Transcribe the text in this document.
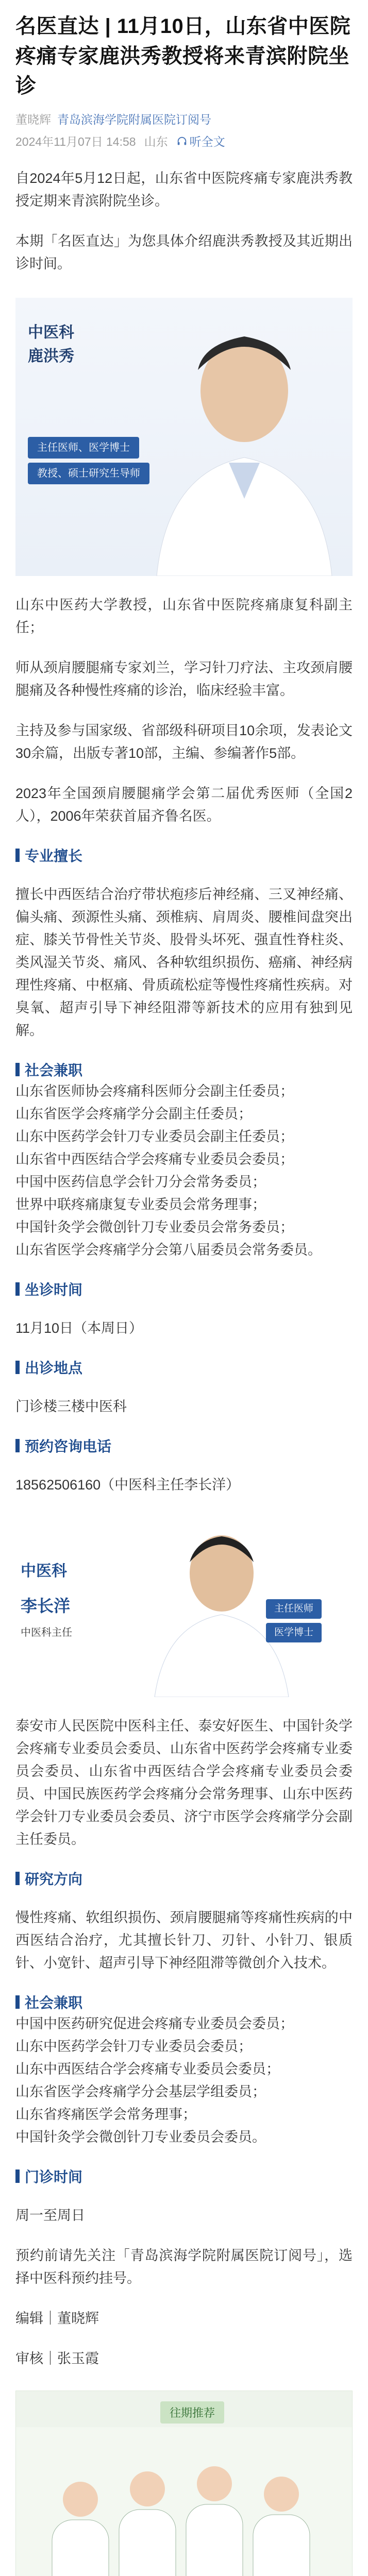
名医直达 | 11月10日，山东省中医院疼痛专家鹿洪秀教授将来青滨附院坐诊
董晓辉 青岛滨海学院附属医院订阅号
2024年11月07日 14:58 山东 听全文

自2024年5月12日起，山东省中医院疼痛专家鹿洪秀教授定期来青滨附院坐诊。

本期「名医直达」为您具体介绍鹿洪秀教授及其近期出诊时间。

中医科
鹿洪秀
主任医师、医学博士
教授、硕士研究生导师

山东中医药大学教授，山东省中医院疼痛康复科副主任；

师从颈肩腰腿痛专家刘兰，学习针刀疗法、主攻颈肩腰腿痛及各种慢性疼痛的诊治，临床经验丰富。

主持及参与国家级、省部级科研项目10余项，发表论文30余篇，出版专著10部，主编、参编著作5部。

2023年全国颈肩腰腿痛学会第二届优秀医师（全国2人），2006年荣获首届齐鲁名医。

专业擅长

擅长中西医结合治疗带状疱疹后神经痛、三叉神经痛、偏头痛、颈源性头痛、颈椎病、肩周炎、腰椎间盘突出症、膝关节骨性关节炎、股骨头坏死、强直性脊柱炎、类风湿关节炎、痛风、各种软组织损伤、癌痛、神经病理性疼痛、中枢痛、骨质疏松症等慢性疼痛性疾病。对臭氧、超声引导下神经阻滞等新技术的应用有独到见解。

社会兼职

山东省医师协会疼痛科医师分会副主任委员；

山东省医学会疼痛学分会副主任委员；

山东中医药学会针刀专业委员会副主任委员；

山东省中西医结合学会疼痛专业委员会委员；

中国中医药信息学会针刀分会常务委员；

世界中联疼痛康复专业委员会常务理事；

中国针灸学会微创针刀专业委员会常务委员；

山东省医学会疼痛学分会第八届委员会常务委员。

坐诊时间

11月10日（本周日）

出诊地点

门诊楼三楼中医科

预约咨询电话

18562506160（中医科主任李长洋）

中医科
李长洋
中医科主任
主任医师
医学博士

泰安市人民医院中医科主任、泰安好医生、中国针灸学会疼痛专业委员会委员、山东省中医药学会疼痛专业委员会委员、山东省中西医结合学会疼痛专业委员会委员、中国民族医药学会疼痛分会常务理事、山东中医药学会针刀专业委员会委员、济宁市医学会疼痛学分会副主任委员。

研究方向

慢性疼痛、软组织损伤、颈肩腰腿痛等疼痛性疾病的中西医结合治疗，尤其擅长针刀、刃针、小针刀、银质针、小宽针、超声引导下神经阻滞等微创介入技术。

社会兼职

中国中医药研究促进会疼痛专业委员会委员；

山东中医药学会针刀专业委员会委员；

山东中西医结合学会疼痛专业委员会委员；

山东省医学会疼痛学分会基层学组委员；

山东省疼痛医学会常务理事；

中国针灸学会微创针刀专业委员会委员。

门诊时间

周一至周日

预约前请先关注「青岛滨海学院附属医院订阅号」，选择中医科预约挂号。

编辑｜董晓辉

审核｜张玉霞

往期推荐
